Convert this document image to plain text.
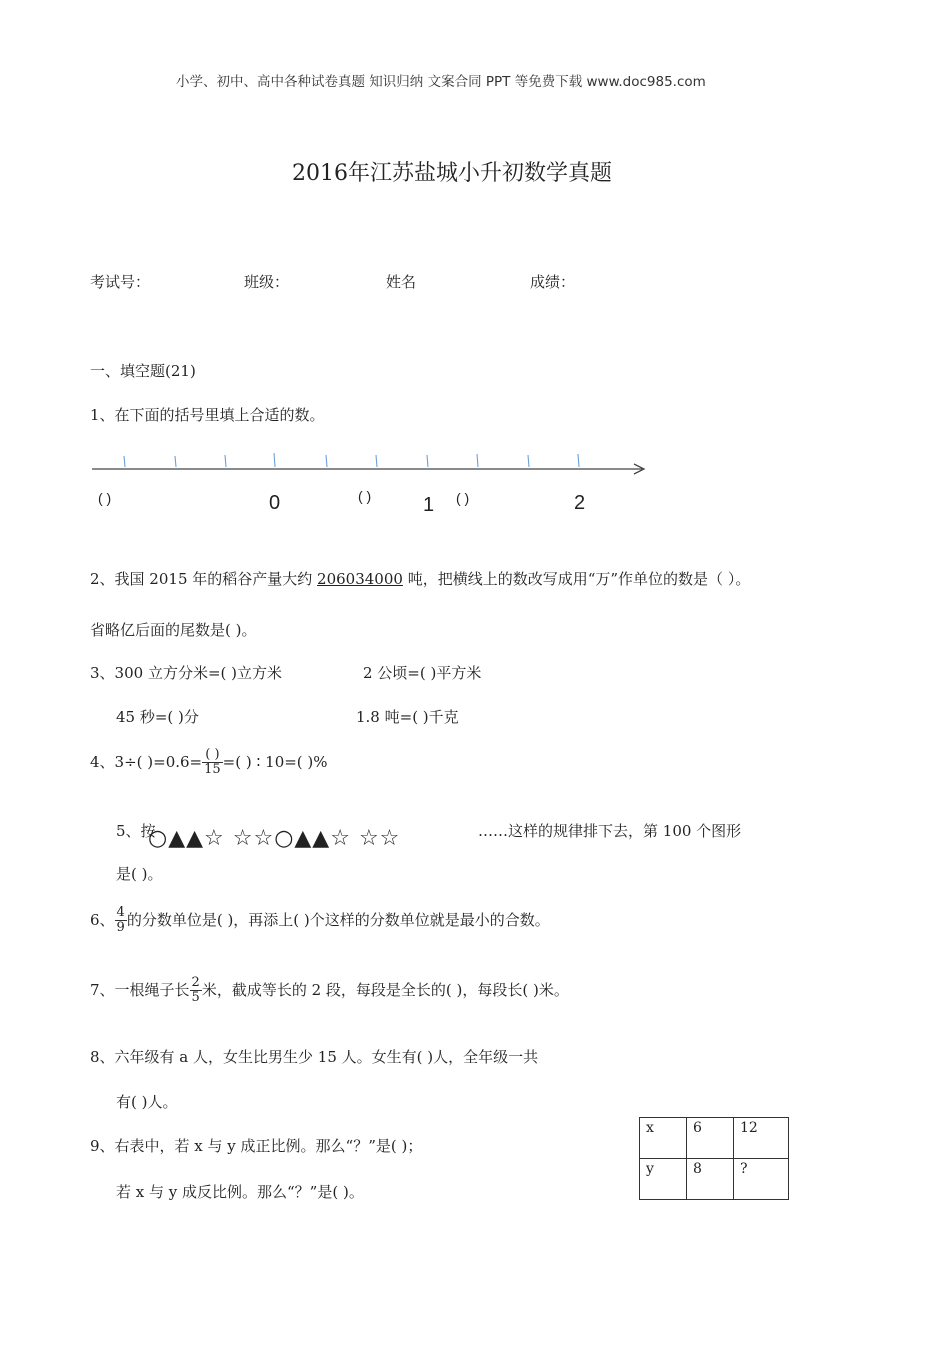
小学、初中、高中各种试卷真题 知识归纳 文案合同 PPT 等免费下载 www.doc985.com
2016年江苏盐城小升初数学真题
考试号：	班级：	姓名	成绩：
一、填空题(21)
1、在下面的括号里填上合适的数。
( )	0	( )	1 ( )	2
2、我国 2015 年的稻谷产量大约 206034000 吨，把横线上的数改写成用“万”作单位的数是（ ）。
省略亿后面的尾数是( )。
3、300 立方分米=( )立方米	2 公顷=( )平方米
45 秒=( )分	1.8 吨=( )千克
4、3÷( )$=0.6= \frac{( )}{15}$ =( ) ∶ 10=( )%
5、按
○▲▲☆ ☆☆○▲▲☆ ☆☆	……这样的规律排下去，第 100 个图形
是( )。
6、 $\frac{4}{9}$ 的分数单位是( )，再添上( )个这样的分数单位就是最小的合数。
7、一根绳子长 $\frac{2}{5}$ 米，截成等长的 2 段，每段是全长的( )，每段长( )米。
8、六年级有 a 人，女生比男生少 15 人。女生有( )人，全年级一共
有( )人。
9、右表中，若 x 与 y 成正比例。那么“？”是( )；
若 x 与 y 成反比例。那么“？”是( )。
x	6	12
y	8	?
